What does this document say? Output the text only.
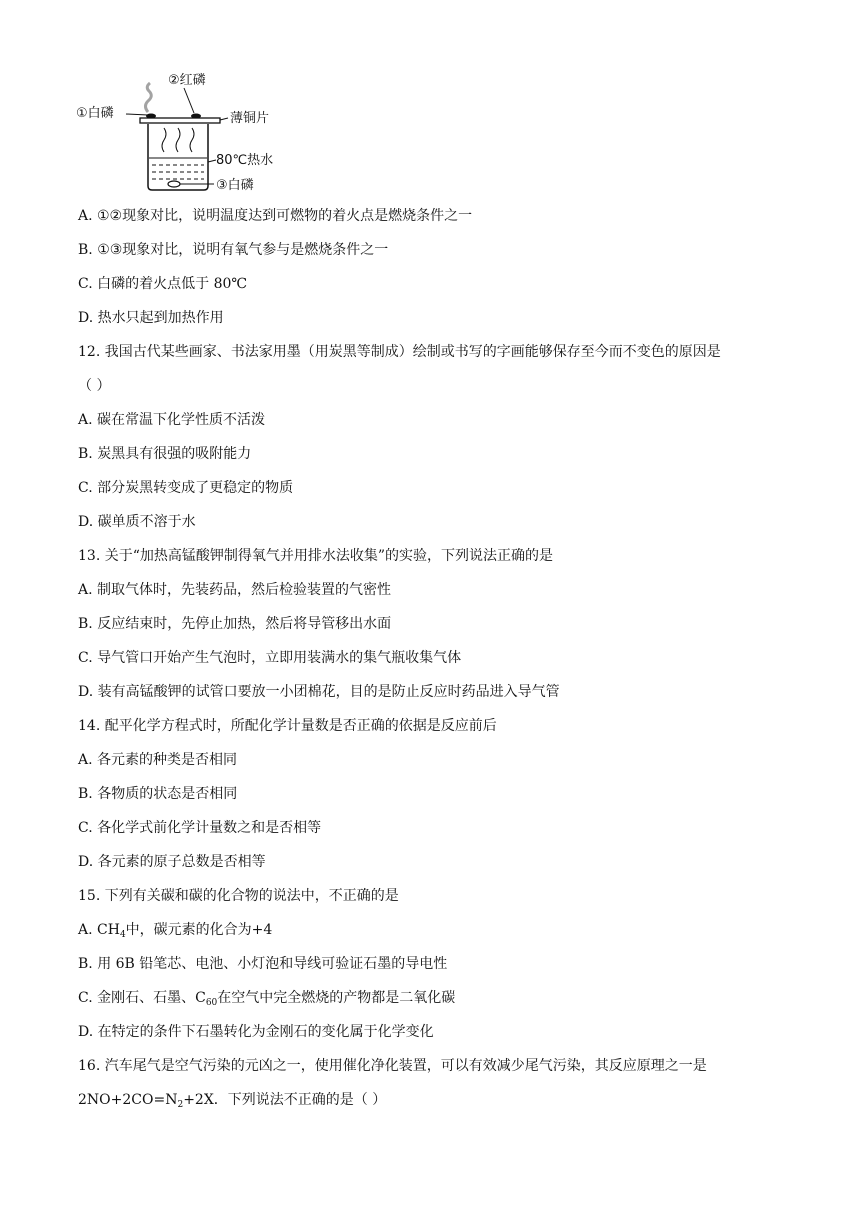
①白磷
②红磷
薄铜片
80℃热水
③白磷
A. ①②现象对比，说明温度达到可燃物的着火点是燃烧条件之一
B. ①③现象对比，说明有氧气参与是燃烧条件之一
C. 白磷的着火点低于 80℃
D. 热水只起到加热作用
12. 我国古代某些画家、书法家用墨（用炭黑等制成）绘制或书写的字画能够保存至今而不变色的原因是
（ ）
A. 碳在常温下化学性质不活泼
B. 炭黑具有很强的吸附能力
C. 部分炭黑转变成了更稳定的物质
D. 碳单质不溶于水
13. 关于“加热高锰酸钾制得氧气并用排水法收集”的实验，下列说法正确的是
A. 制取气体时，先装药品，然后检验装置的气密性
B. 反应结束时，先停止加热，然后将导管移出水面
C. 导气管口开始产生气泡时，立即用装满水的集气瓶收集气体
D. 装有高锰酸钾的试管口要放一小团棉花，目的是防止反应时药品进入导气管
14. 配平化学方程式时，所配化学计量数是否正确的依据是反应前后
A. 各元素的种类是否相同
B. 各物质的状态是否相同
C. 各化学式前化学计量数之和是否相等
D. 各元素的原子总数是否相等
15. 下列有关碳和碳的化合物的说法中，不正确的是
A. $CH_4$中，碳元素的化合为+4
B. 用 6B 铅笔芯、电池、小灯泡和导线可验证石墨的导电性
C. 金刚石、石墨、$C_{60}$在空气中完全燃烧的产物都是二氧化碳
D. 在特定的条件下石墨转化为金刚石的变化属于化学变化
16. 汽车尾气是空气污染的元凶之一，使用催化净化装置，可以有效减少尾气污染，其反应原理之一是
$2NO+2CO=N_2+2X$．下列说法不正确的是（ ）
